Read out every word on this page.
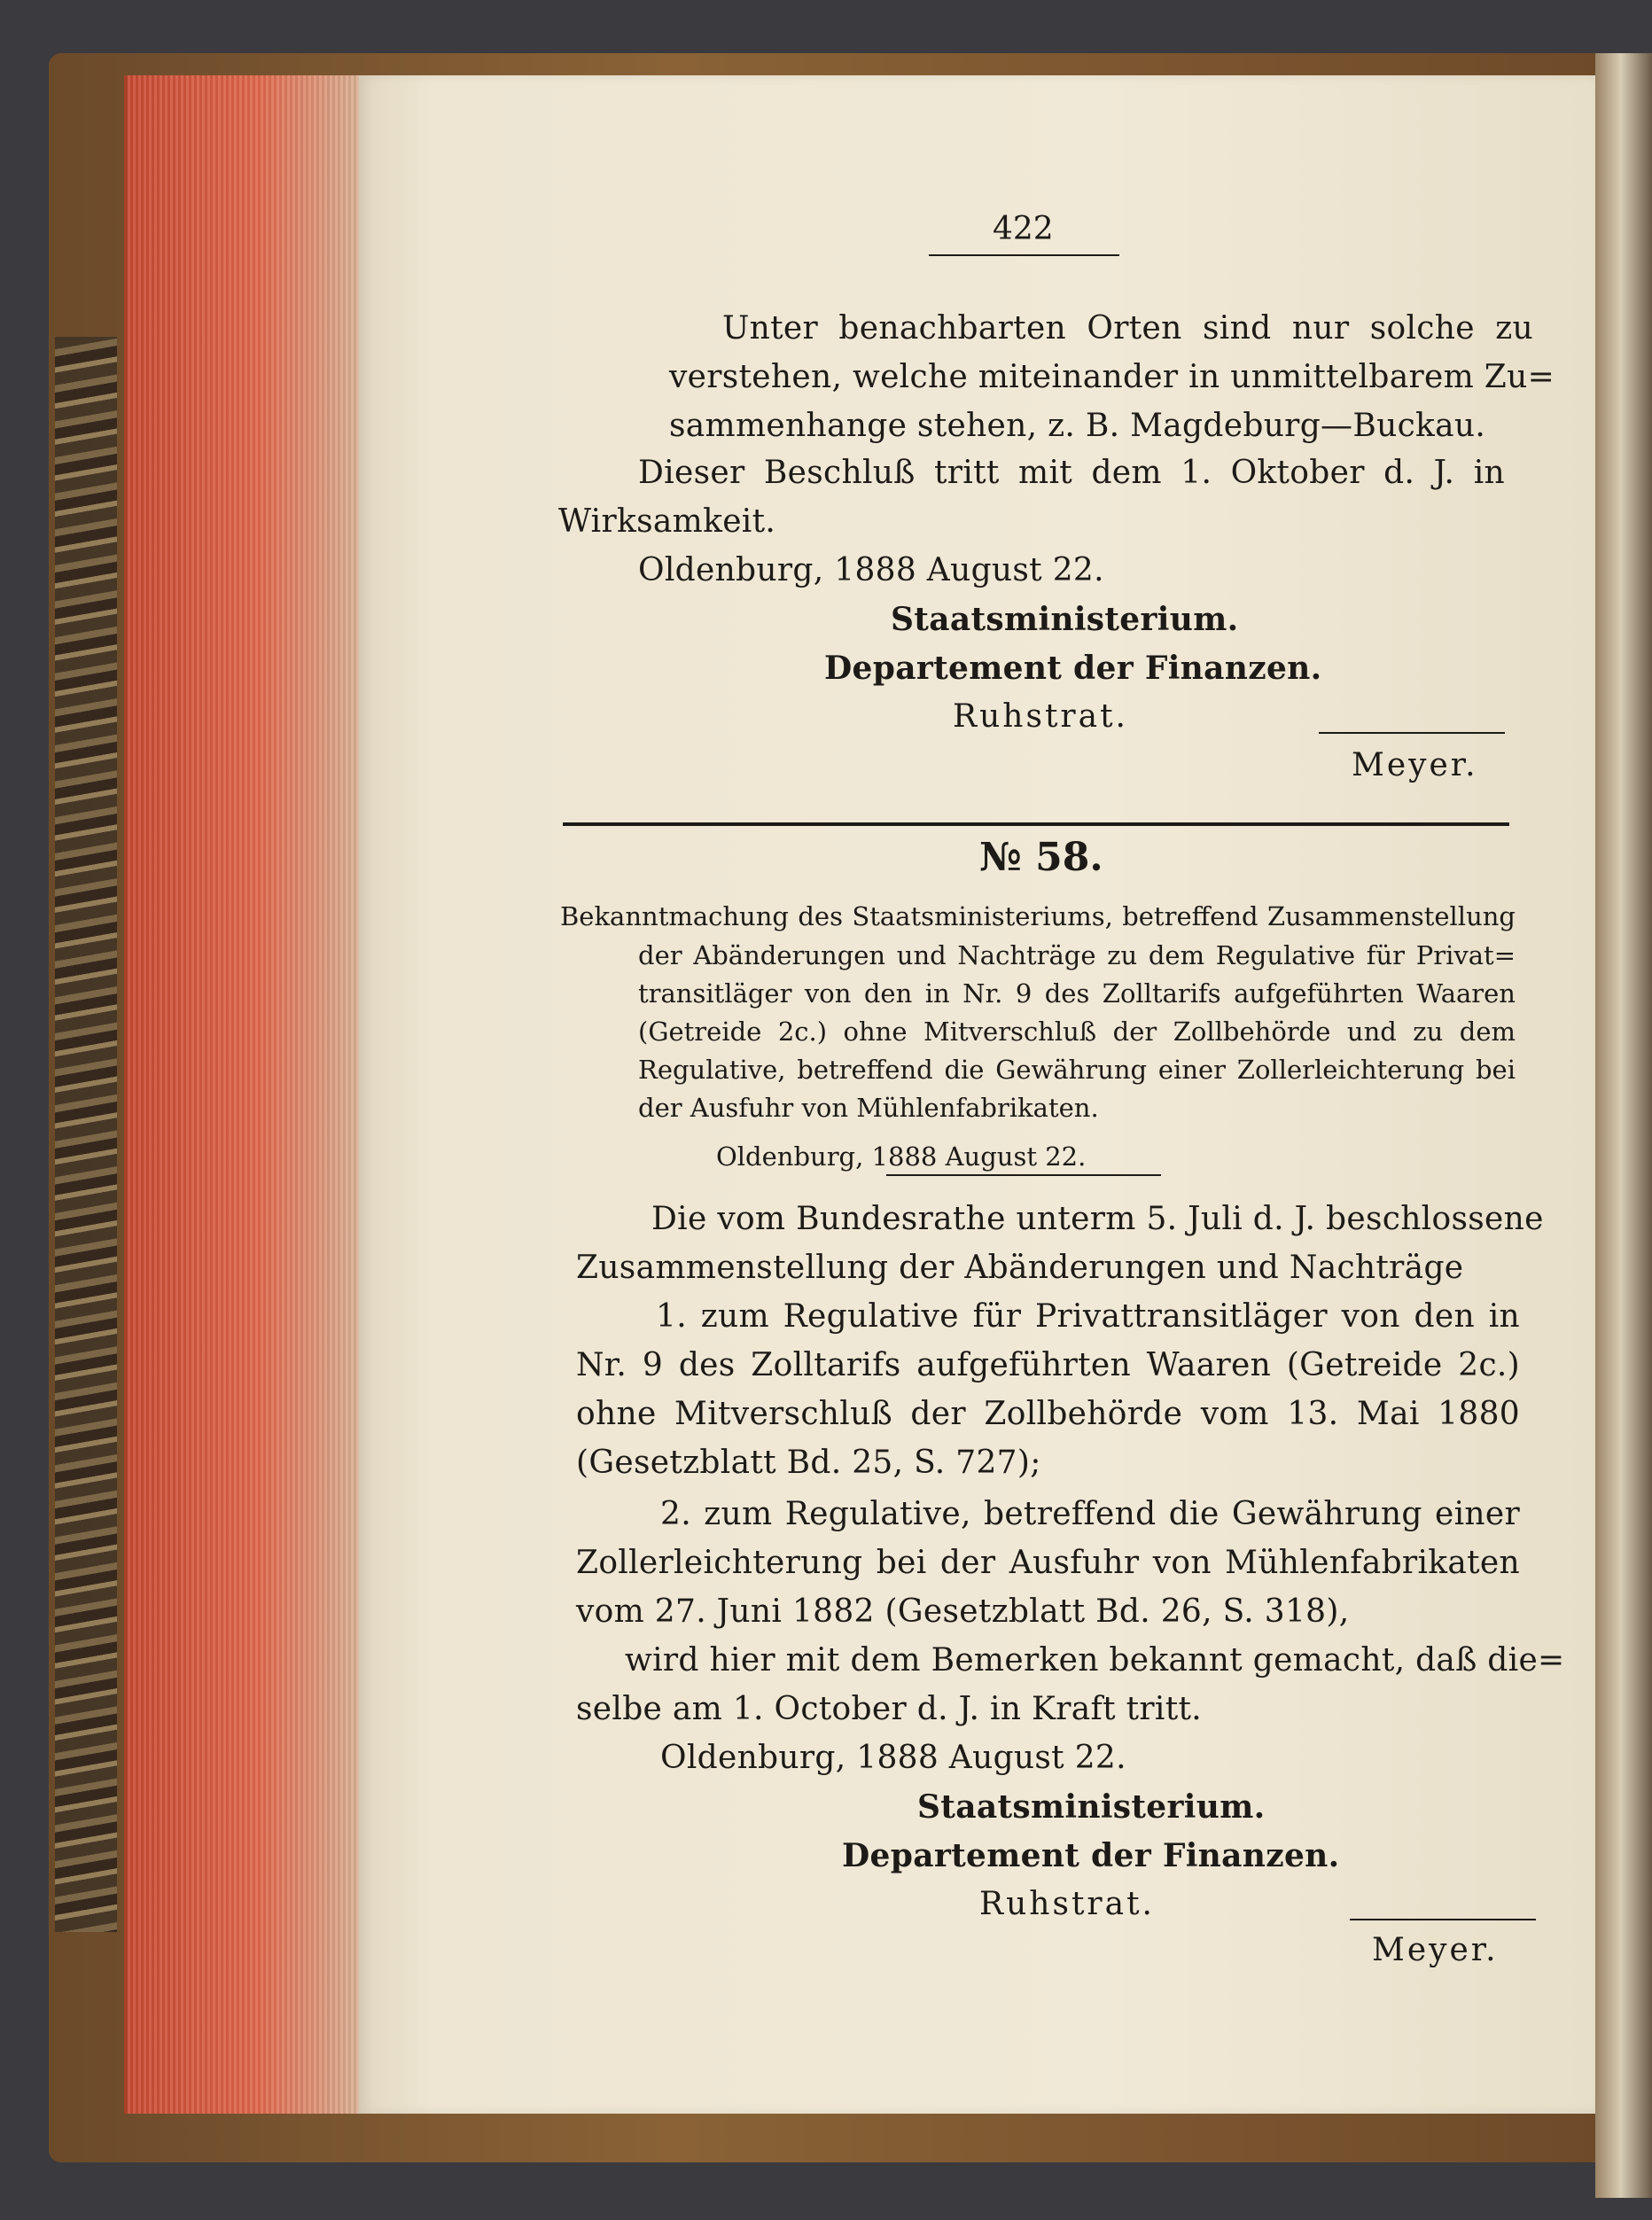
422
Unter benachbarten Orten sind nur solche zu
verstehen, welche miteinander in unmittelbarem Zu=
sammenhange stehen, z. B. Magdeburg—Buckau.
Dieser Beschluß tritt mit dem 1. Oktober d. J. in
Wirksamkeit.
Oldenburg, 1888 August 22.
Staatsministerium.
Departement der Finanzen.
Ruhstrat.
Meyer.
№ 58.
Bekanntmachung des Staatsministeriums, betreffend Zusammenstellung
der Abänderungen und Nachträge zu dem Regulative für Privat=
transitläger von den in Nr. 9 des Zolltarifs aufgeführten Waaren
(Getreide 2c.) ohne Mitverschluß der Zollbehörde und zu dem
Regulative, betreffend die Gewährung einer Zollerleichterung bei
der Ausfuhr von Mühlenfabrikaten.
Oldenburg, 1888 August 22.
Die vom Bundesrathe unterm 5. Juli d. J. beschlossene
Zusammenstellung der Abänderungen und Nachträge
1. zum Regulative für Privattransitläger von den in
Nr. 9 des Zolltarifs aufgeführten Waaren (Getreide 2c.)
ohne Mitverschluß der Zollbehörde vom 13. Mai 1880
(Gesetzblatt Bd. 25, S. 727);
2. zum Regulative, betreffend die Gewährung einer
Zollerleichterung bei der Ausfuhr von Mühlenfabrikaten
vom 27. Juni 1882 (Gesetzblatt Bd. 26, S. 318),
wird hier mit dem Bemerken bekannt gemacht, daß die=
selbe am 1. October d. J. in Kraft tritt.
Oldenburg, 1888 August 22.
Staatsministerium.
Departement der Finanzen.
Ruhstrat.
Meyer.
